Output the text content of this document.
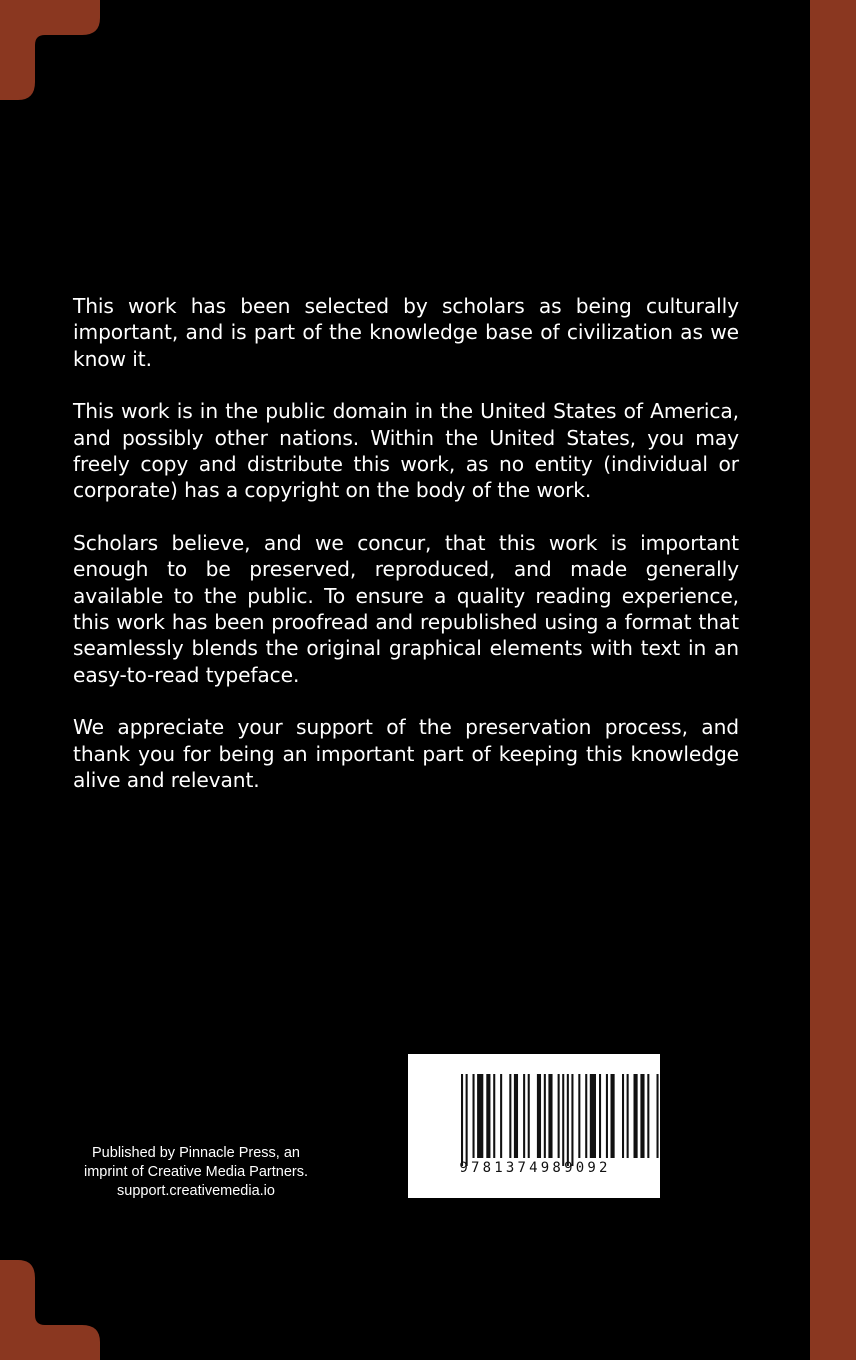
This work has been selected by scholars as being culturally important, and is part of the knowledge base of civilization as we know it.

This work is in the public domain in the United States of America, and possibly other nations. Within the United States, you may freely copy and distribute this work, as no entity (individual or corporate) has a copyright on the body of the work.

Scholars believe, and we concur, that this work is important enough to be preserved, reproduced, and made generally available to the public. To ensure a quality reading experience, this work has been proofread and republished using a format that seamlessly blends the original graphical elements with text in an easy-to-read typeface.

We appreciate your support of the preservation process, and thank you for being an important part of keeping this knowledge alive and relevant.

Published by Pinnacle Press, an
imprint of Creative Media Partners.
support.creativemedia.io
9781374989092
